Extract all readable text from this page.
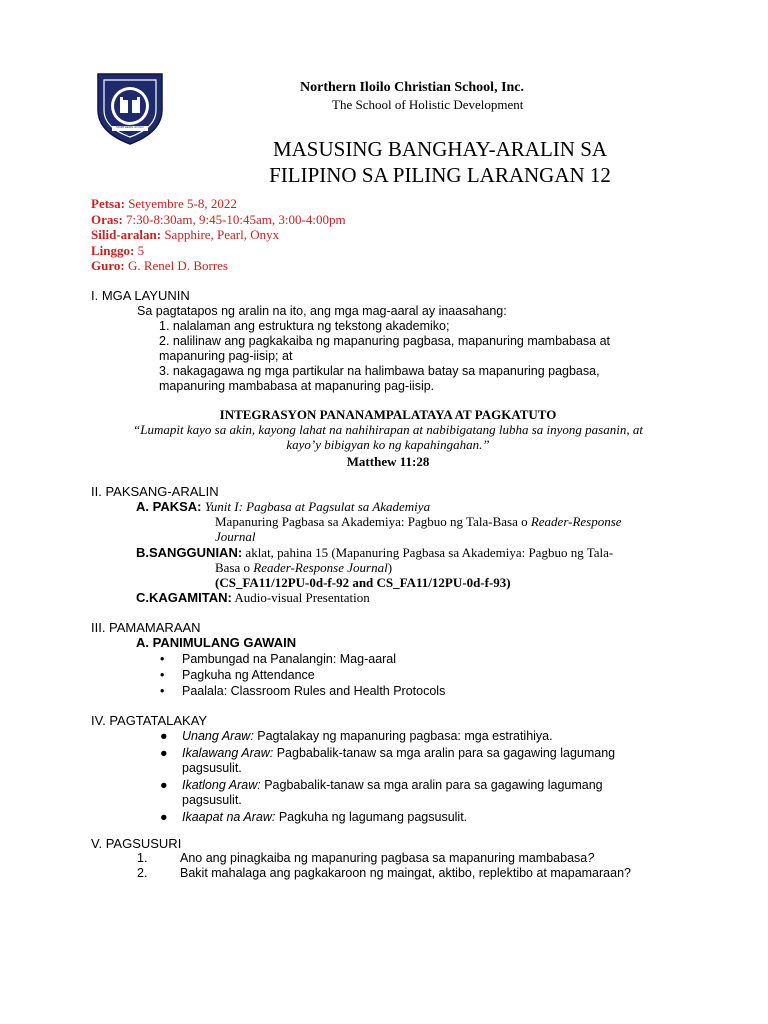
NORTHERN ILOILO
Northern Iloilo Christian School, Inc.
The School of Holistic Development
MASUSING BANGHAY-ARALIN SA
FILIPINO SA PILING LARANGAN 12
Petsa: Setyembre 5-8, 2022
Oras: 7:30-8:30am, 9:45-10:45am, 3:00-4:00pm
Silid-aralan: Sapphire, Pearl, Onyx
Linggo: 5
Guro: G. Renel D. Borres
I. MGA LAYUNIN
Sa pagtatapos ng aralin na ito, ang mga mag-aaral ay inaasahang:
1. nalalaman ang estruktura ng tekstong akademiko;
2. nalilinaw ang pagkakaiba ng mapanuring pagbasa, mapanuring mambabasa at
mapanuring pag-iisip; at
3. nakagagawa ng mga partikular na halimbawa batay sa mapanuring pagbasa,
mapanuring mambabasa at mapanuring pag-iisip.
INTEGRASYON PANANAMPALATAYA AT PAGKATUTO
“Lumapit kayo sa akin, kayong lahat na nahihirapan at nabibigatang lubha sa inyong pasanin, at
kayo’y bibigyan ko ng kapahingahan.”
Matthew 11:28
II. PAKSANG-ARALIN
A. PAKSA: Yunit I: Pagbasa at Pagsulat sa Akademiya
Mapanuring Pagbasa sa Akademiya: Pagbuo ng Tala-Basa o Reader-Response
Journal
B.SANGGUNIAN: aklat, pahina 15 (Mapanuring Pagbasa sa Akademiya: Pagbuo ng Tala-
Basa o Reader-Response Journal)
(CS_FA11/12PU-0d-f-92 and CS_FA11/12PU-0d-f-93)
C.KAGAMITAN: Audio-visual Presentation
III. PAMAMARAAN
A. PANIMULANG GAWAIN
• Pambungad na Panalangin: Mag-aaral
• Pagkuha ng Attendance
• Paalala: Classroom Rules and Health Protocols
IV. PAGTATALAKAY
● Unang Araw: Pagtalakay ng mapanuring pagbasa: mga estratihiya.
● Ikalawang Araw: Pagbabalik-tanaw sa mga aralin para sa gagawing lagumang
pagsusulit.
● Ikatlong Araw: Pagbabalik-tanaw sa mga aralin para sa gagawing lagumang
pagsusulit.
● Ikaapat na Araw: Pagkuha ng lagumang pagsusulit.
V. PAGSUSURI
1.	Ano ang pinagkaiba ng mapanuring pagbasa sa mapanuring mambabasa?
2.	Bakit mahalaga ang pagkakaroon ng maingat, aktibo, replektibo at mapamaraan?
